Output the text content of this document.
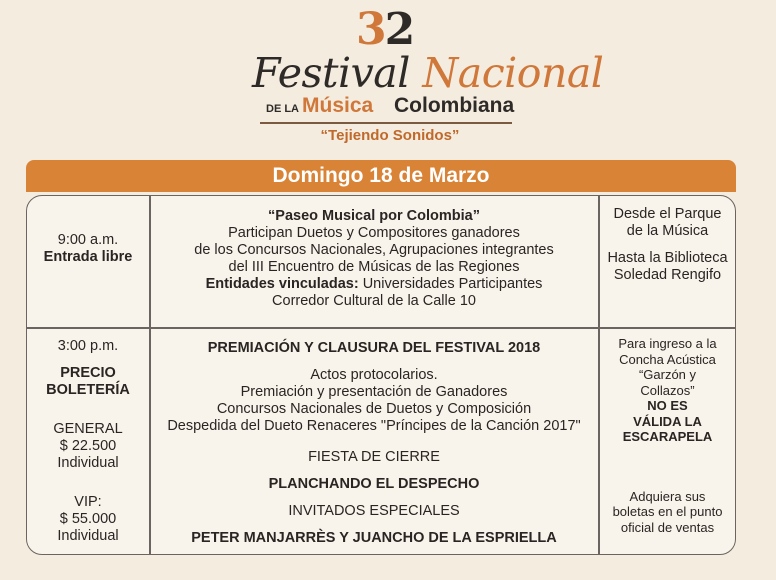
32
Festival Nacional
DE LA Música Colombiana
“Tejiendo Sonidos”
Domingo 18 de Marzo
9:00 a.m.
Entrada libre
“Paseo Musical por Colombia”
Participan Duetos y Compositores ganadores
de los Concursos Nacionales, Agrupaciones integrantes
del III Encuentro de Músicas de las Regiones
Entidades vinculadas: Universidades Participantes
Corredor Cultural de la Calle 10
Desde el Parque
de la Música
Hasta la Biblioteca
Soledad Rengifo
3:00 p.m.
PRECIO
BOLETERÍA
GENERAL
$ 22.500
Individual
VIP:
$ 55.000
Individual
PREMIACIÓN Y CLAUSURA DEL FESTIVAL 2018
Actos protocolarios.
Premiación y presentación de Ganadores
Concursos Nacionales de Duetos y Composición
Despedida del Dueto Renaceres "Príncipes de la Canción 2017"
FIESTA DE CIERRE
PLANCHANDO EL DESPECHO
INVITADOS ESPECIALES
PETER MANJARRÈS Y JUANCHO DE LA ESPRIELLA
Para ingreso a la
Concha Acústica
“Garzón y
Collazos”
NO ES
VÁLIDA LA
ESCARAPELA
Adquiera sus
boletas en el punto
oficial de ventas
